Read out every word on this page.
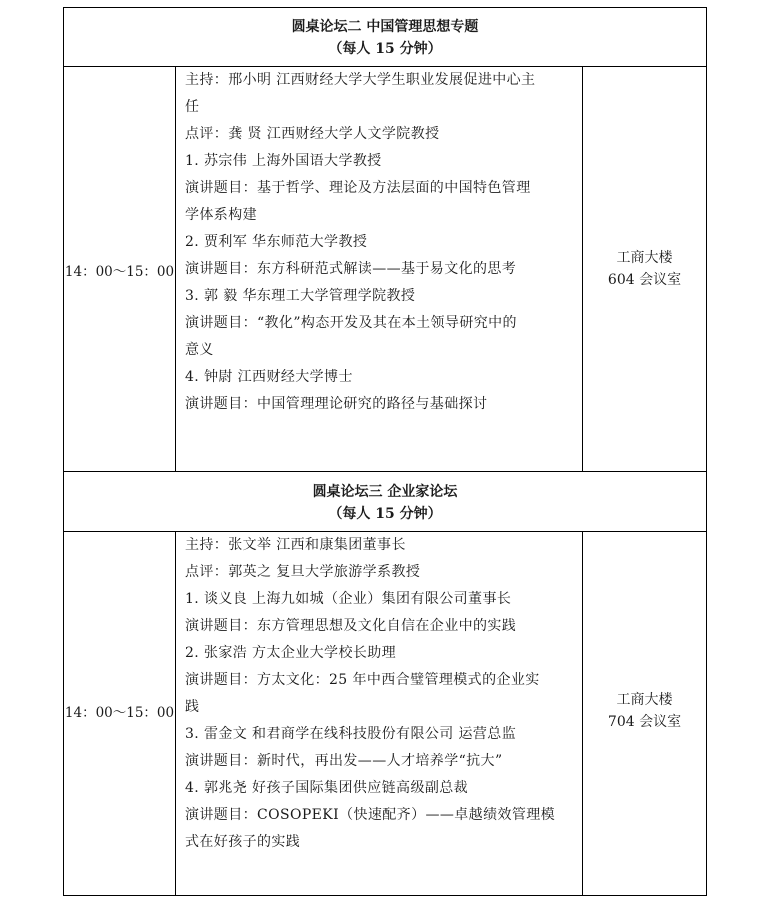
圆桌论坛二 中国管理思想专题
（每人 15 分钟）
14：00～15：00
主持：邢小明 江西财经大学大学生职业发展促进中心主
任
点评：龚 贤 江西财经大学人文学院教授
1. 苏宗伟 上海外国语大学教授
演讲题目：基于哲学、理论及方法层面的中国特色管理
学体系构建
2. 贾利军 华东师范大学教授
演讲题目：东方科研范式解读——基于易文化的思考
3. 郭 毅 华东理工大学管理学院教授
演讲题目：“教化”构态开发及其在本土领导研究中的
意义
4. 钟尉 江西财经大学博士
演讲题目：中国管理理论研究的路径与基础探讨
工商大楼
604 会议室
圆桌论坛三 企业家论坛
（每人 15 分钟）
14：00～15：00
主持：张文举 江西和康集团董事长
点评：郭英之 复旦大学旅游学系教授
1. 谈义良 上海九如城（企业）集团有限公司董事长
演讲题目：东方管理思想及文化自信在企业中的实践
2. 张家浩 方太企业大学校长助理
演讲题目：方太文化：25 年中西合璧管理模式的企业实
践
3. 雷金文 和君商学在线科技股份有限公司 运营总监
演讲题目：新时代，再出发——人才培养学“抗大”
4. 郭兆尧 好孩子国际集团供应链高级副总裁
演讲题目：COSOPEKI（快速配齐）——卓越绩效管理模
式在好孩子的实践
工商大楼
704 会议室
